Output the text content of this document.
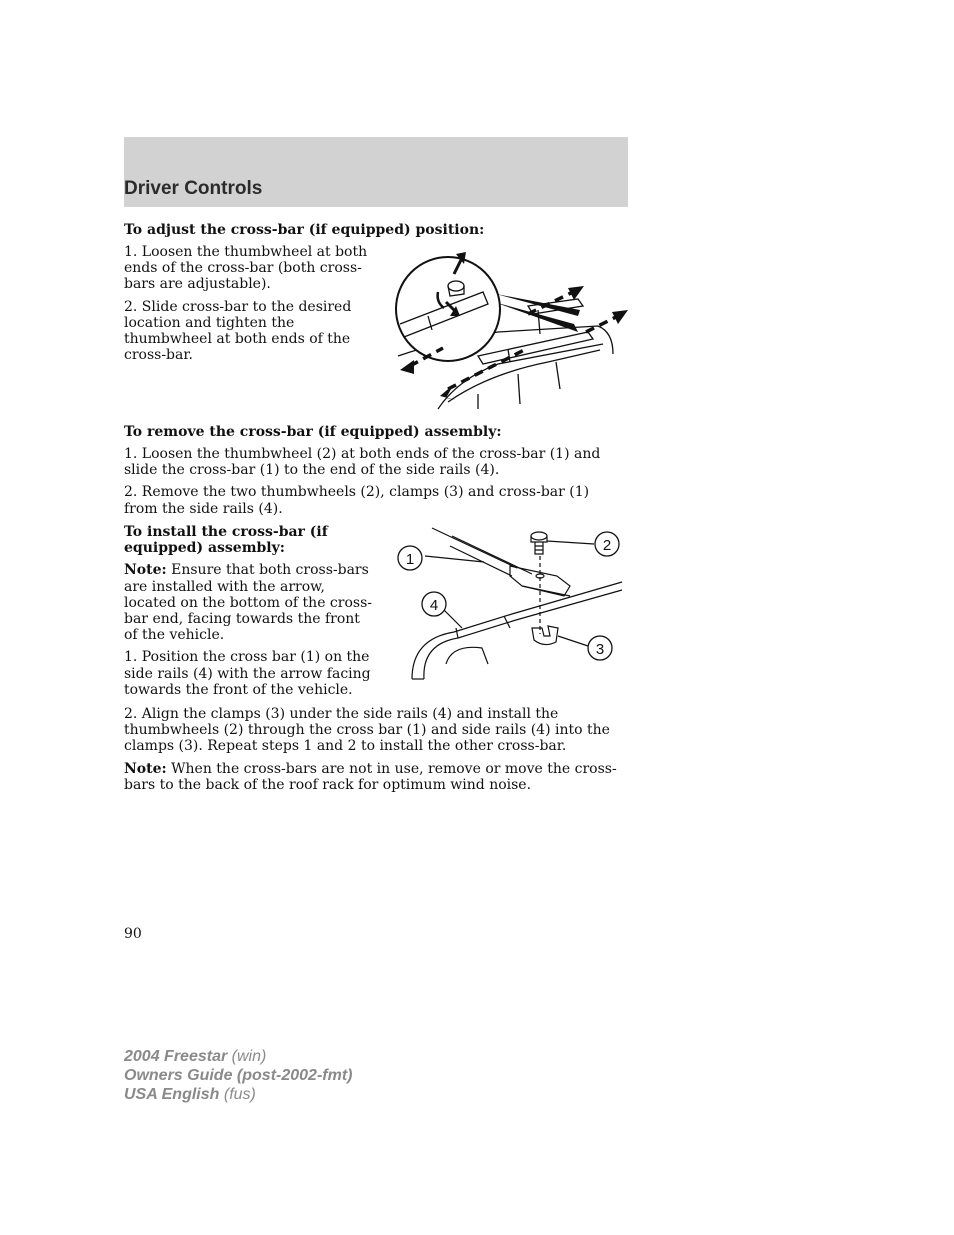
Driver Controls
To adjust the cross-bar (if equipped) position:

1. Loosen the thumbwheel at both ends of the cross-bar (both cross-bars are adjustable).

2. Slide cross-bar to the desired location and tighten the thumbwheel at both ends of the cross-bar.

To remove the cross-bar (if equipped) assembly:

1. Loosen the thumbwheel (2) at both ends of the cross-bar (1) and slide the cross-bar (1) to the end of the side rails (4).

2. Remove the two thumbwheels (2), clamps (3) and cross-bar (1) from the side rails (4).

To install the cross-bar (if equipped) assembly:

Note: Ensure that both cross-bars are installed with the arrow, located on the bottom of the cross-bar end, facing towards the front of the vehicle.

1. Position the cross bar (1) on the side rails (4) with the arrow facing towards the front of the vehicle.

1
2
3
4

2. Align the clamps (3) under the side rails (4) and install the thumbwheels (2) through the cross bar (1) and side rails (4) into the clamps (3). Repeat steps 1 and 2 to install the other cross-bar.

Note: When the cross-bars are not in use, remove or move the cross-bars to the back of the roof rack for optimum wind noise.

90
2004 Freestar (win)
Owners Guide (post-2002-fmt)
USA English (fus)
